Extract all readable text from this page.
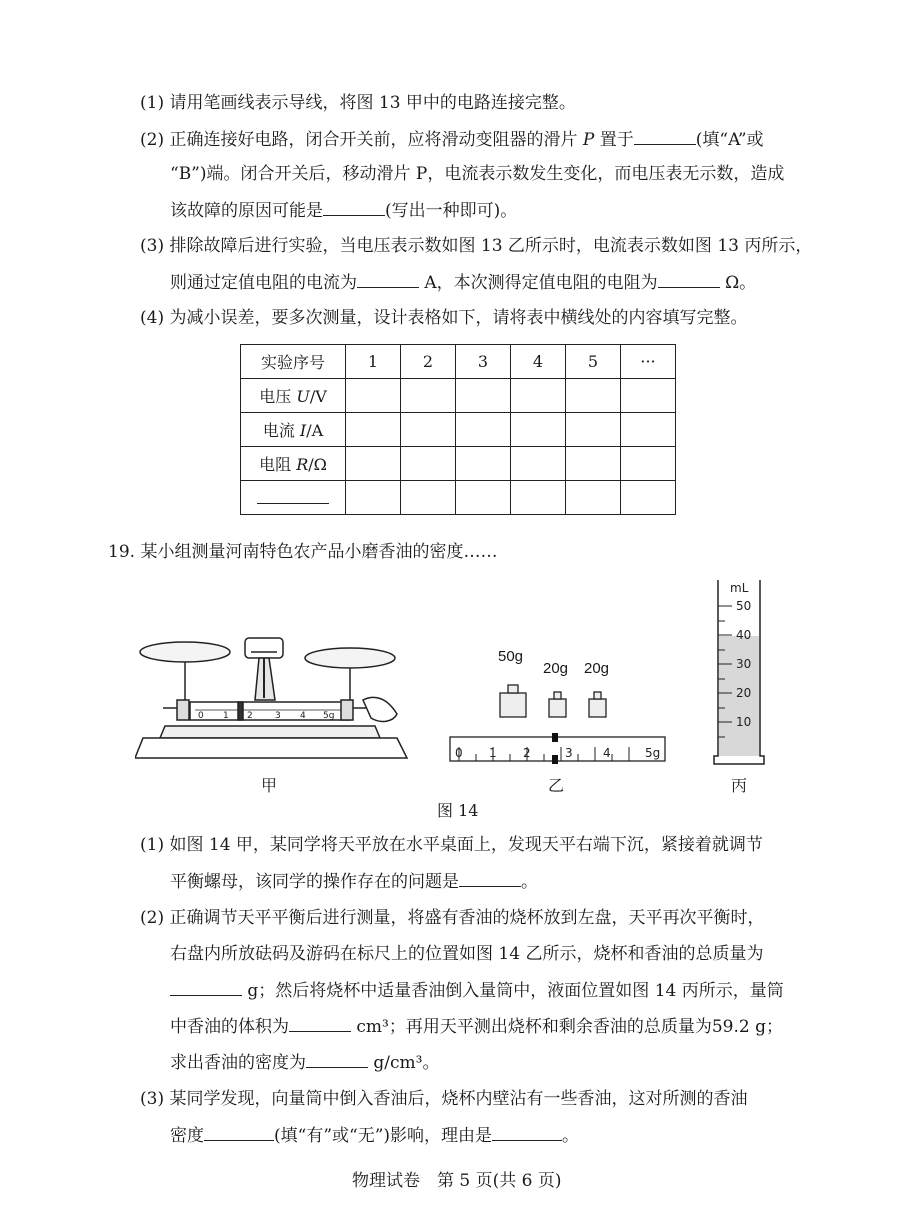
(1) 请用笔画线表示导线，将图 13 甲中的电路连接完整。
(2) 正确连接好电路，闭合开关前，应将滑动变阻器的滑片 P 置于	(填“A”或
“B”)端。闭合开关后，移动滑片 P，电流表示数发生变化，而电压表无示数，造成
该故障的原因可能是	(写出一种即可)。
(3) 排除故障后进行实验，当电压表示数如图 13 乙所示时，电流表示数如图 13 丙所示，
则通过定值电阻的电流为	A，本次测得定值电阻的电阻为	Ω。
(4) 为减小误差，要多次测量，设计表格如下，请将表中横线处的内容填写完整。
实验序号	1	2	3	4	5	···
电压 U/V						
电流 I/A						
电阻 R/Ω						

19. 某小组测量河南特色农产品小磨香油的密度……
0 1 2 3 4 5g
甲
50g
20g 20g
0 1 2	3	4	5g
乙
mL
50
40
30
20
10
丙
图 14
(1) 如图 14 甲，某同学将天平放在水平桌面上，发现天平右端下沉，紧接着就调节
平衡螺母，该同学的操作存在的问题是	。
(2) 正确调节天平平衡后进行测量，将盛有香油的烧杯放到左盘，天平再次平衡时，
右盘内所放砝码及游码在标尺上的位置如图 14 乙所示，烧杯和香油的总质量为
g；然后将烧杯中适量香油倒入量筒中，液面位置如图 14 丙所示，量筒
中香油的体积为	cm³；再用天平测出烧杯和剩余香油的总质量为59.2 g；
求出香油的密度为	g/cm³。
(3) 某同学发现，向量筒中倒入香油后，烧杯内壁沾有一些香油，这对所测的香油
密度	(填“有”或“无”)影响，理由是	。
物理试卷　第 5 页(共 6 页)
